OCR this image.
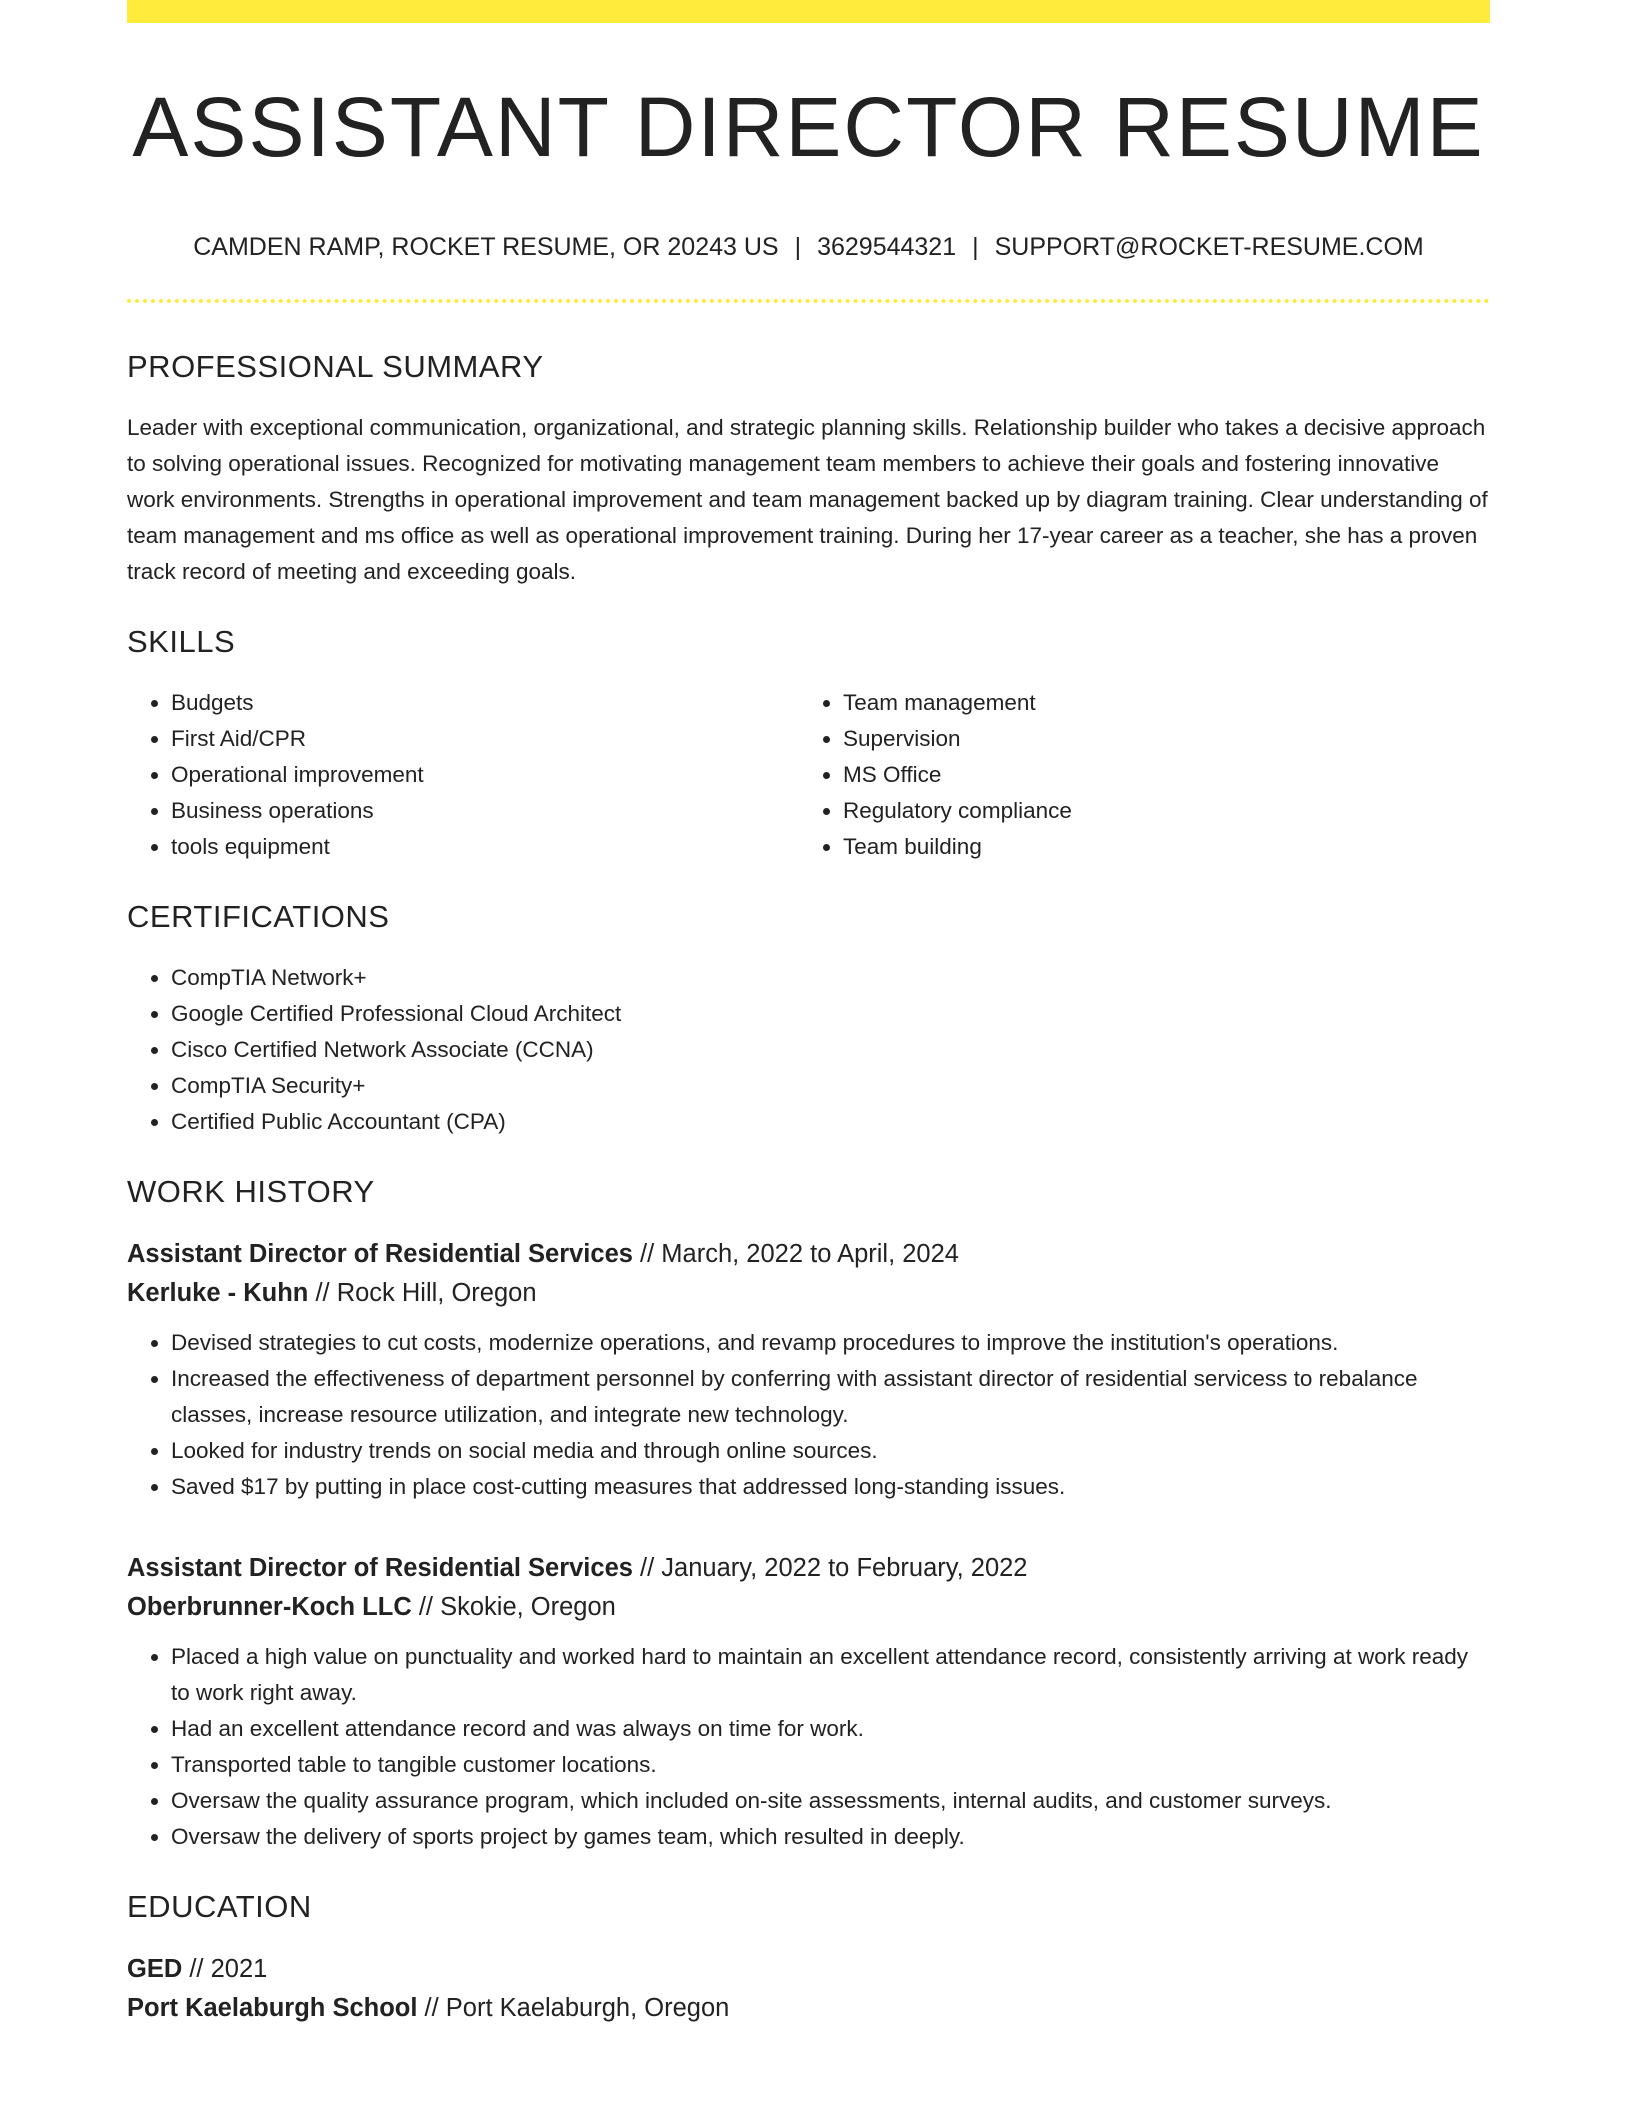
ASSISTANT DIRECTOR RESUME
CAMDEN RAMP, ROCKET RESUME, OR 20243 US | 3629544321 | SUPPORT@ROCKET-RESUME.COM
PROFESSIONAL SUMMARY
Leader with exceptional communication, organizational, and strategic planning skills. Relationship builder who takes a decisive approach to solving operational issues. Recognized for motivating management team members to achieve their goals and fostering innovative work environments. Strengths in operational improvement and team management backed up by diagram training. Clear understanding of team management and ms office as well as operational improvement training. During her 17-year career as a teacher, she has a proven track record of meeting and exceeding goals.
SKILLS
• Budgets
• First Aid/CPR
• Operational improvement
• Business operations
• tools equipment
• Team management
• Supervision
• MS Office
• Regulatory compliance
• Team building
CERTIFICATIONS
• CompTIA Network+
• Google Certified Professional Cloud Architect
• Cisco Certified Network Associate (CCNA)
• CompTIA Security+
• Certified Public Accountant (CPA)
WORK HISTORY
Assistant Director of Residential Services // March, 2022 to April, 2024
Kerluke - Kuhn // Rock Hill, Oregon
• Devised strategies to cut costs, modernize operations, and revamp procedures to improve the institution's operations.
• Increased the effectiveness of department personnel by conferring with assistant director of residential servicess to rebalance classes, increase resource utilization, and integrate new technology.
• Looked for industry trends on social media and through online sources.
• Saved $17 by putting in place cost-cutting measures that addressed long-standing issues.
Assistant Director of Residential Services // January, 2022 to February, 2022
Oberbrunner-Koch LLC // Skokie, Oregon
• Placed a high value on punctuality and worked hard to maintain an excellent attendance record, consistently arriving at work ready to work right away.
• Had an excellent attendance record and was always on time for work.
• Transported table to tangible customer locations.
• Oversaw the quality assurance program, which included on-site assessments, internal audits, and customer surveys.
• Oversaw the delivery of sports project by games team, which resulted in deeply.
EDUCATION
GED // 2021
Port Kaelaburgh School // Port Kaelaburgh, Oregon
